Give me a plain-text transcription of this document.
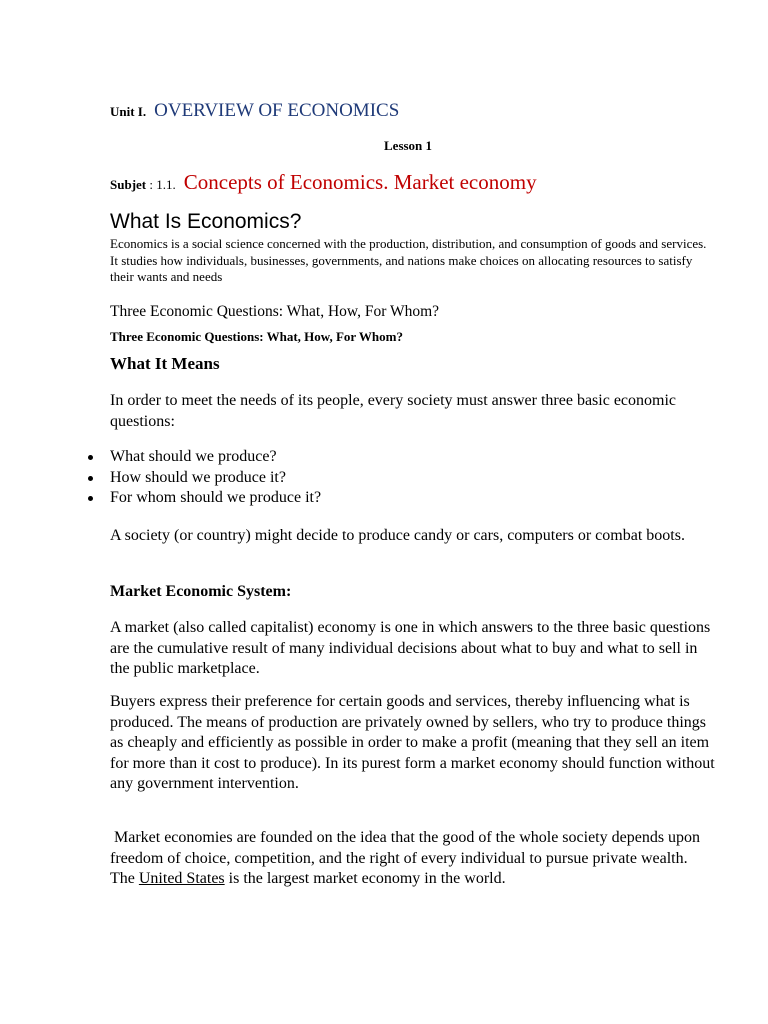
Unit I. OVERVIEW OF ECONOMICS
Lesson 1
Subjet : 1.1. Concepts of Economics. Market economy
What Is Economics?
Economics is a social science concerned with the production, distribution, and consumption of goods and services. It studies how individuals, businesses, governments, and nations make choices on allocating resources to satisfy their wants and needs
Three Economic Questions: What, How, For Whom?
Three Economic Questions: What, How, For Whom?
What It Means
In order to meet the needs of its people, every society must answer three basic economic questions:
What should we produce?
How should we produce it?
For whom should we produce it?
A society (or country) might decide to produce candy or cars, computers or combat boots.
Market Economic System:
A market (also called capitalist) economy is one in which answers to the three basic questions are the cumulative result of many individual decisions about what to buy and what to sell in the public marketplace.
Buyers express their preference for certain goods and services, thereby influencing what is produced. The means of production are privately owned by sellers, who try to produce things as cheaply and efficiently as possible in order to make a profit (meaning that they sell an item for more than it cost to produce). In its purest form a market economy should function without any government intervention.
Market economies are founded on the idea that the good of the whole society depends upon freedom of choice, competition, and the right of every individual to pursue private wealth. The United States is the largest market economy in the world.
